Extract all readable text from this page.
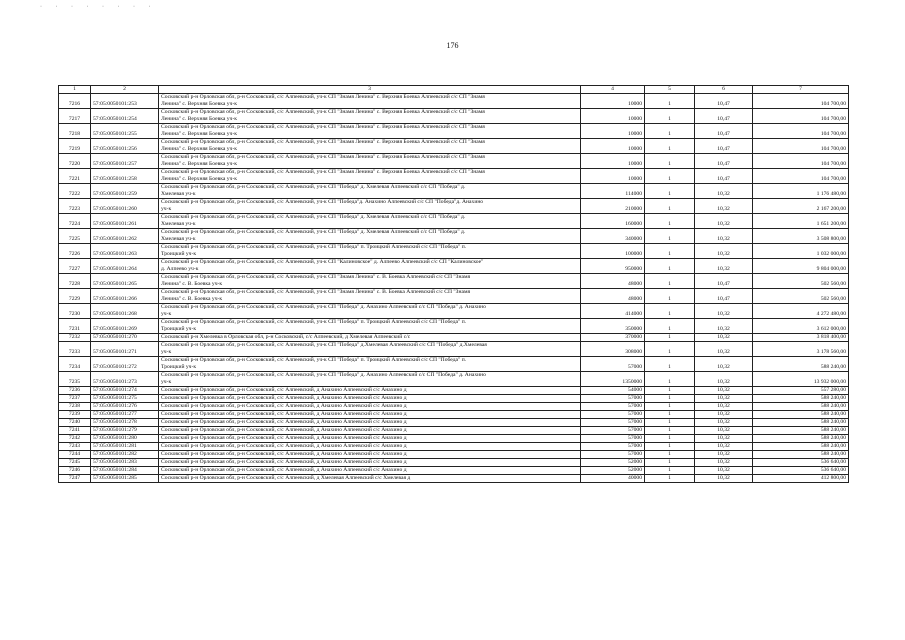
· · · · · · · ·
176
1	2	3	4	5	6	7
7216	57:05:0050101:253	Сосковский р-н Орловская обл, р-н Сосковский, с/с Алпеевский, уч-к СП "Знамя Ленина" с. Верхняя Боевка Алпеевский с/с СП "Знамя
Ленина" с. Верхняя Боевка уч-к	10000	1	10,47	104 700,00
7217	57:05:0050101:254	Сосковский р-н Орловская обл, р-н Сосковский, с/с Алпеевский, уч-к СП "Знамя Ленина" с. Верхняя Боевка Алпеевский с/с СП "Знамя
Ленина" с. Верхняя Боевка уч-к	10000	1	10,47	104 700,00
7218	57:05:0050101:255	Сосковский р-н Орловская обл, р-н Сосковский, с/с Алпеевский, уч-к СП "Знамя Ленина" с. Верхняя Боевка Алпеевский с/с СП "Знамя
Ленина" с. Верхняя Боевка уч-к	10000	1	10,47	104 700,00
7219	57:05:0050101:256	Сосковский р-н Орловская обл, р-н Сосковский, с/с Алпеевский, уч-к СП "Знамя Ленина" с. Верхняя Боевка Алпеевский с/с СП "Знамя
Ленина" с. Верхняя Боевка уч-к	10000	1	10,47	104 700,00
7220	57:05:0050101:257	Сосковский р-н Орловская обл, р-н Сосковский, с/с Алпеевский, уч-к СП "Знамя Ленина" с. Верхняя Боевка Алпеевский с/с СП "Знамя
Ленина" с. Верхняя Боевка уч-к	10000	1	10,47	104 700,00
7221	57:05:0050101:258	Сосковский р-н Орловская обл, р-н Сосковский, с/с Алпеевский, уч-к СП "Знамя Ленина" с. Верхняя Боевка Алпеевский с/с СП "Знамя
Ленина" с. Верхняя Боевка уч-к	10000	1	10,47	104 700,00
7222	57:05:0050101:259	Сосковский р-н Орловская обл, р-н Сосковский, с/с Алпеевский, уч-к СП "Победа" д. Хмелевая Алпеевский с/с СП "Победа" д.
Хмелевая уч-к	114000	1	10,32	1 176 480,00
7223	57:05:0050101:260	Сосковский р-н Орловская обл, р-н Сосковский, с/с Алпеевский, уч-к СП "Победа"д. Анахино Алпеевский с/с СП "Победа"д. Анахино
уч-к	210000	1	10,32	2 167 200,00
7224	57:05:0050101:261	Сосковский р-н Орловская обл, р-н Сосковский, с/с Алпеевский, уч-к СП "Победа" д. Хмелевая Алпеевский с/с СП "Победа" д.
Хмелевая уч-к	160000	1	10,32	1 651 200,00
7225	57:05:0050101:262	Сосковский р-н Орловская обл, р-н Сосковский, с/с Алпеевский, уч-к СП "Победа" д. Хмелевая Алпеевский с/с СП "Победа" д.
Хмелевая уч-к	340000	1	10,32	3 508 800,00
7226	57:05:0050101:263	Сосковский р-н Орловская обл, р-н Сосковский, с/с Алпеевский, уч-к СП "Победа" п. Троицкий Алпеевский с/с СП "Победа" п.
Троицкий уч-к	100000	1	10,32	1 032 000,00
7227	57:05:0050101:264	Сосковский р-н Орловская обл, р-н Сосковский, с/с Алпеевский, уч-к СП "Калиновское" д. Алпеево Алпеевский с/с СП "Калиновское"
д. Алпеево уч-к	950000	1	10,32	9 804 000,00
7228	57:05:0050101:265	Сосковский р-н Орловская обл, р-н Сосковский, с/с Алпеевский, уч-к СП "Знамя Ленина" с. В. Боевка Алпеевский с/с СП "Знамя
Ленина" с. В. Боевка уч-к	48000	1	10,47	502 560,00
7229	57:05:0050101:266	Сосковский р-н Орловская обл, р-н Сосковский, с/с Алпеевский, уч-к СП "Знамя Ленина" с. В. Боевка Алпеевский с/с СП "Знамя
Ленина" с. В. Боевка уч-к	48000	1	10,47	502 560,00
7230	57:05:0050101:268	Сосковский р-н Орловская обл, р-н Сосковский, с/с Алпеевский, уч-к СП "Победа" д. Анахино Алпеевский с/с СП "Победа" д. Анахино
уч-к	414000	1	10,32	4 272 480,00
7231	57:05:0050101:269	Сосковский р-н Орловская обл, р-н Сосковский, с/с Алпеевский, уч-к СП "Победа" п. Троицкий Алпеевский с/с СП "Победа" п.
Троицкий уч-к	350000	1	10,32	3 612 000,00
7232	57:05:0050101:270	Сосковский р-н Хмелевка в Орловская обл, р-н Сосковский, с/с Алпеевский, д Хмелевая Алпеевский с/с	370000	1	10,32	3 818 400,00
7233	57:05:0050101:271	Сосковский р-н Орловская обл, р-н Сосковский, с/с Алпеевский, уч-к СП "Победа" д.Хмелевая Алпеевский с/с СП "Победа" д.Хмелевая
уч-к	308000	1	10,32	3 178 560,00
7234	57:05:0050101:272	Сосковский р-н Орловская обл, р-н Сосковский, с/с Алпеевский, уч-к СП "Победа" п. Троицкий Алпеевский с/с СП "Победа" п.
Троицкий уч-к	57000	1	10,32	588 240,00
7235	57:05:0050101:273	Сосковский р-н Орловская обл, р-н Сосковский, с/с Алпеевский, уч-к СП "Победа" д. Анахино Алпеевский с/с СП "Победа" д. Анахино
уч-к	1350000	1	10,32	13 932 000,00
7236	57:05:0050101:274	Сосковский р-н Орловская обл, р-н Сосковский, с/с Алпеевский, д Анахино Алпеевский с/с Анахино д	54000	1	10,32	557 280,00
7237	57:05:0050101:275	Сосковский р-н Орловская обл, р-н Сосковский, с/с Алпеевский, д Анахино Алпеевский с/с Анахино д	57000	1	10,32	588 240,00
7238	57:05:0050101:276	Сосковский р-н Орловская обл, р-н Сосковский, с/с Алпеевский, д Анахино Алпеевский с/с Анахино д	57000	1	10,32	588 240,00
7239	57:05:0050101:277	Сосковский р-н Орловская обл, р-н Сосковский, с/с Алпеевский, д Анахино Алпеевский с/с Анахино д	57000	1	10,32	588 240,00
7240	57:05:0050101:278	Сосковский р-н Орловская обл, р-н Сосковский, с/с Алпеевский, д Анахино Алпеевский с/с Анахино д	57000	1	10,32	588 240,00
7241	57:05:0050101:279	Сосковский р-н Орловская обл, р-н Сосковский, с/с Алпеевский, д Анахино Алпеевский с/с Анахино д	57000	1	10,32	588 240,00
7242	57:05:0050101:280	Сосковский р-н Орловская обл, р-н Сосковский, с/с Алпеевский, д Анахино Алпеевский с/с Анахино д	57000	1	10,32	588 240,00
7243	57:05:0050101:281	Сосковский р-н Орловская обл, р-н Сосковский, с/с Алпеевский, д Анахино Алпеевский с/с Анахино д	57000	1	10,32	588 240,00
7244	57:05:0050101:282	Сосковский р-н Орловская обл, р-н Сосковский, с/с Алпеевский, д Анахино Алпеевский с/с Анахино д	57000	1	10,32	588 240,00
7245	57:05:0050101:283	Сосковский р-н Орловская обл, р-н Сосковский, с/с Алпеевский, д Анахино Алпеевский с/с Анахино д	52000	1	10,32	536 640,00
7246	57:05:0050101:284	Сосковский р-н Орловская обл, р-н Сосковский, с/с Алпеевский, д Анахино Алпеевский с/с Анахино д	52000	1	10,32	536 640,00
7247	57:05:0050101:285	Сосковский р-н Орловская обл, р-н Сосковский, с/с Алпеевский, д Хмелевая Алпеевский с/с Хмелевая д	40000	1	10,32	412 800,00
